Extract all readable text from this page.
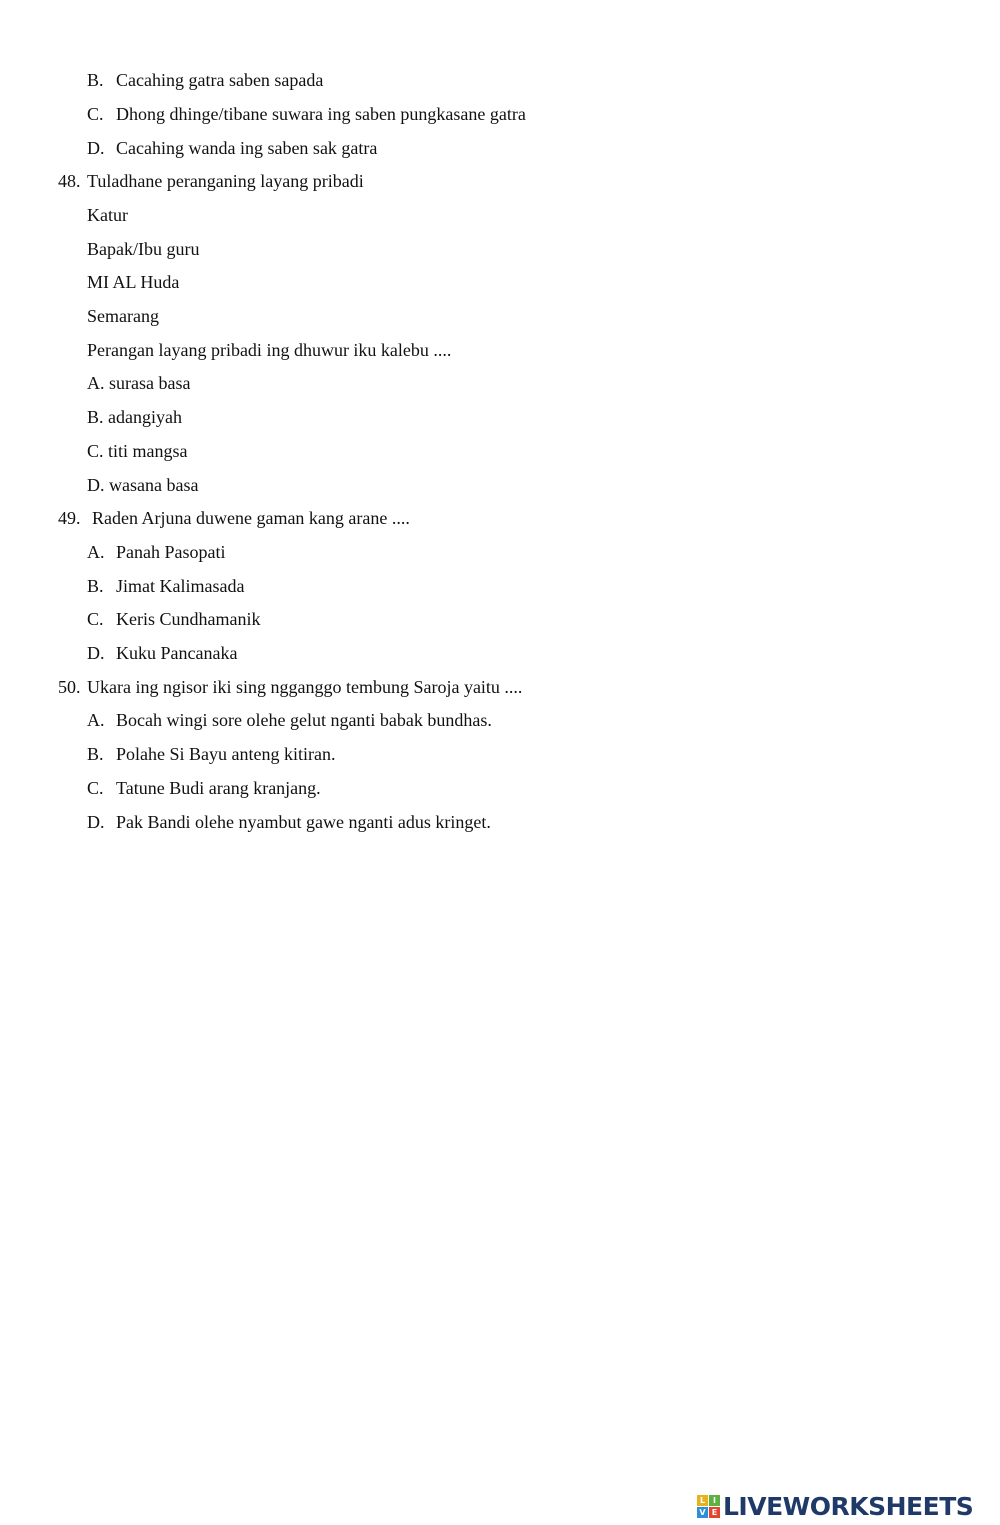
B. Cacahing gatra saben sapada
C. Dhong dhinge/tibane suwara ing saben pungkasane gatra
D. Cacahing wanda ing saben sak gatra
48. Tuladhane peranganing layang pribadi
Katur
Bapak/Ibu guru
MI AL Huda
Semarang
Perangan layang pribadi ing dhuwur iku kalebu ....
A. surasa basa
B. adangiyah
C. titi mangsa
D. wasana basa
49. Raden Arjuna duwene gaman kang arane ....
A. Panah Pasopati
B. Jimat Kalimasada
C. Keris Cundhamanik
D. Kuku Pancanaka
50. Ukara ing ngisor iki sing ngganggo tembung Saroja yaitu ....
A. Bocah wingi sore olehe gelut nganti babak bundhas.
B. Polahe Si Bayu anteng kitiran.
C. Tatune Budi arang kranjang.
D. Pak Bandi olehe nyambut gawe nganti adus kringet.
L I
V E LIVEWORKSHEETS
